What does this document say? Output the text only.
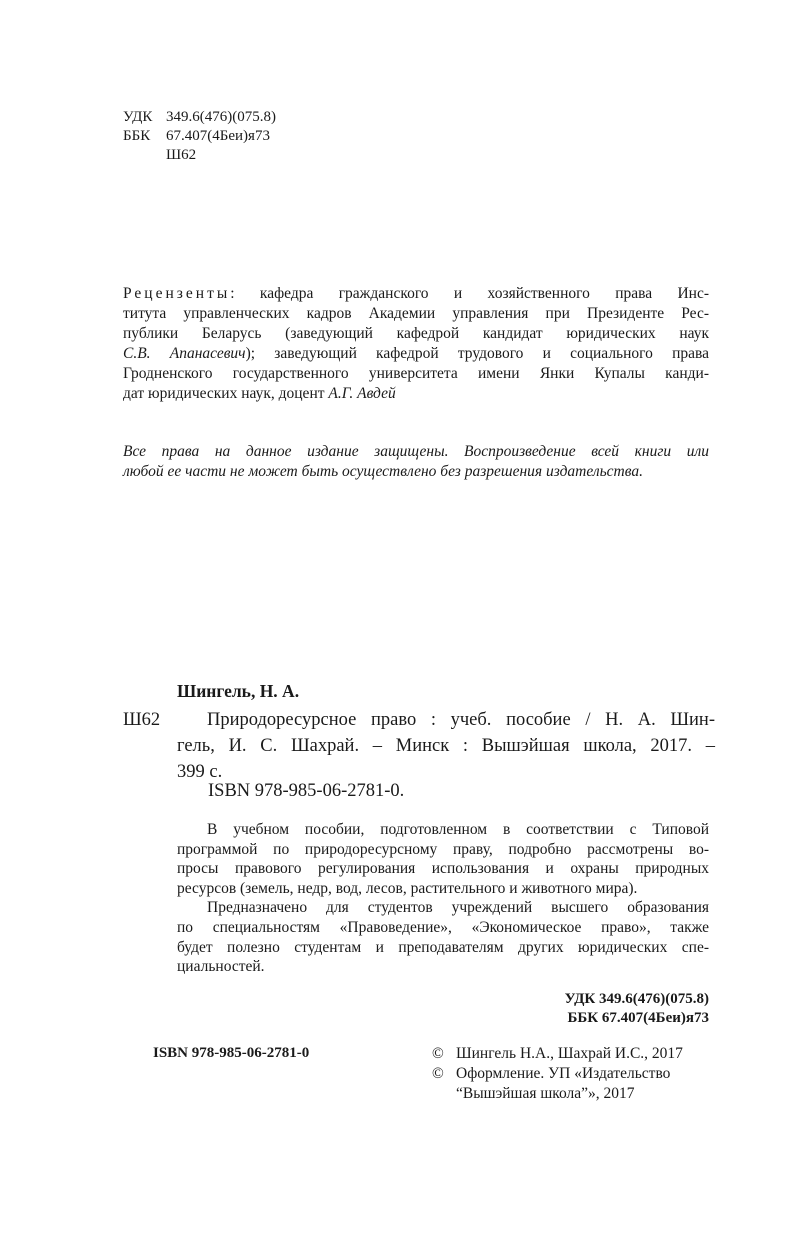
УДК 349.6(476)(075.8)
ББК 67.407(4Беи)я73
Ш62
Рецензенты: кафедра гражданского и хозяйственного права Инс-
титута управленческих кадров Академии управления при Президенте Рес-
публики Беларусь (заведующий кафедрой кандидат юридических наук
С.В. Апанасевич); заведующий кафедрой трудового и социального права
Гродненского государственного университета имени Янки Купалы канди-
дат юридических наук, доцент А.Г. Авдей
Все права на данное издание защищены. Воспроизведение всей книги или
любой ее части не может быть осуществлено без разрешения издательства.
Шингель, Н. А.
Ш62	Природоресурсное право : учеб. пособие / Н. А. Шин-
гель, И. С. Шахрай. – Минск : Вышэйшая школа, 2017. –
399 с.
ISBN 978-985-06-2781-0.
В учебном пособии, подготовленном в соответствии с Типовой
программой по природоресурсному праву, подробно рассмотрены во-
просы правового регулирования использования и охраны природных
ресурсов (земель, недр, вод, лесов, растительного и животного мира).
Предназначено для студентов учреждений высшего образования
по специальностям «Правоведение», «Экономическое право», также
будет полезно студентам и преподавателям других юридических спе-
циальностей.
УДК 349.6(476)(075.8)
ББК 67.407(4Беи)я73
ISBN 978-985-06-2781-0	© Шингель Н.А., Шахрай И.С., 2017
© Оформление. УП «Издательство
“Вышэйшая школа”», 2017
